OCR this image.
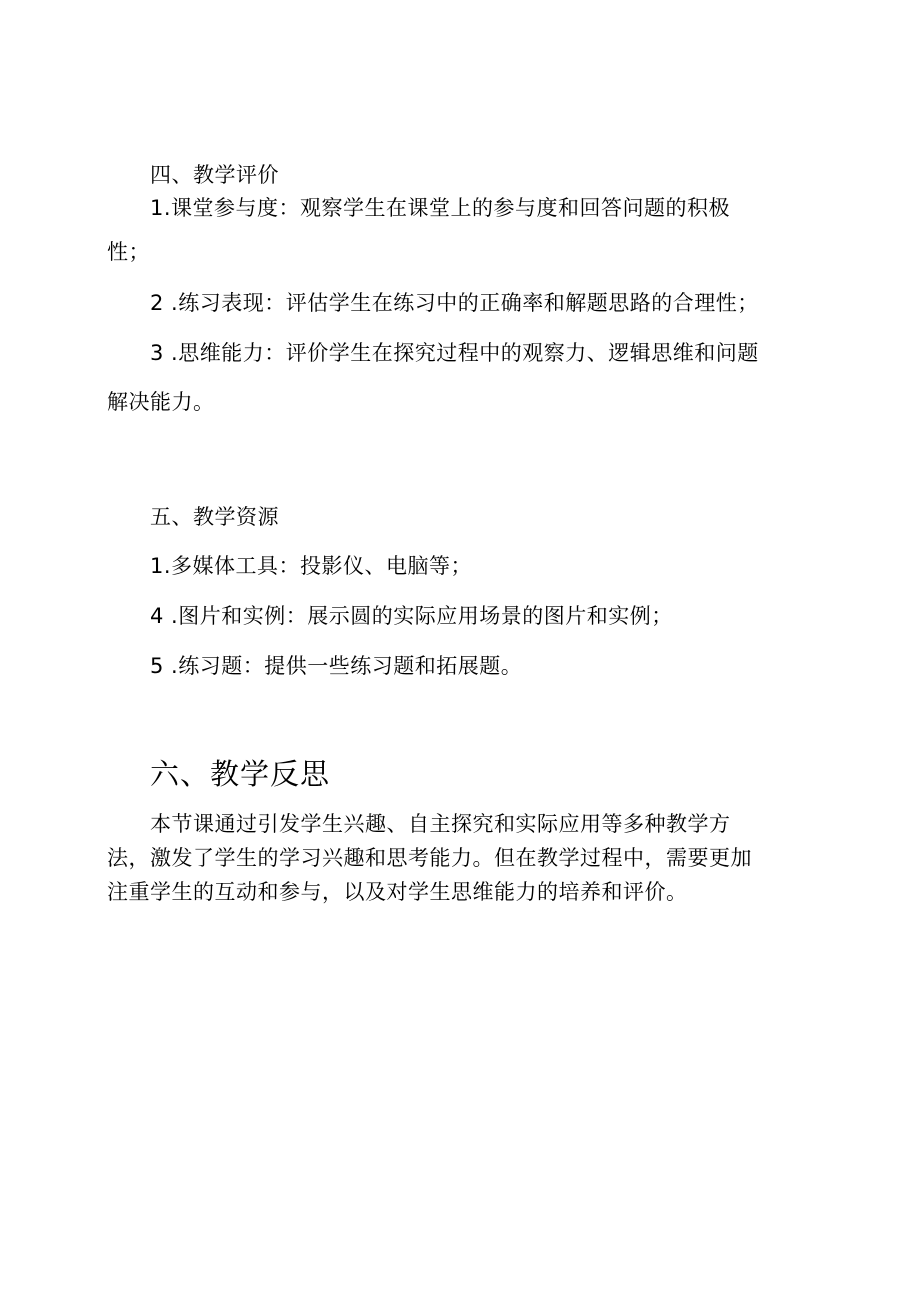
四、教学评价
1.课堂参与度：观察学生在课堂上的参与度和回答问题的积极
性；
2 .练习表现：评估学生在练习中的正确率和解题思路的合理性；
3 .思维能力：评价学生在探究过程中的观察力、逻辑思维和问题
解决能力。
五、教学资源
1.多媒体工具：投影仪、电脑等；
4 .图片和实例：展示圆的实际应用场景的图片和实例；
5 .练习题：提供一些练习题和拓展题。
六、教学反思
本节课通过引发学生兴趣、自主探究和实际应用等多种教学方
法，激发了学生的学习兴趣和思考能力。但在教学过程中，需要更加
注重学生的互动和参与，以及对学生思维能力的培养和评价。
